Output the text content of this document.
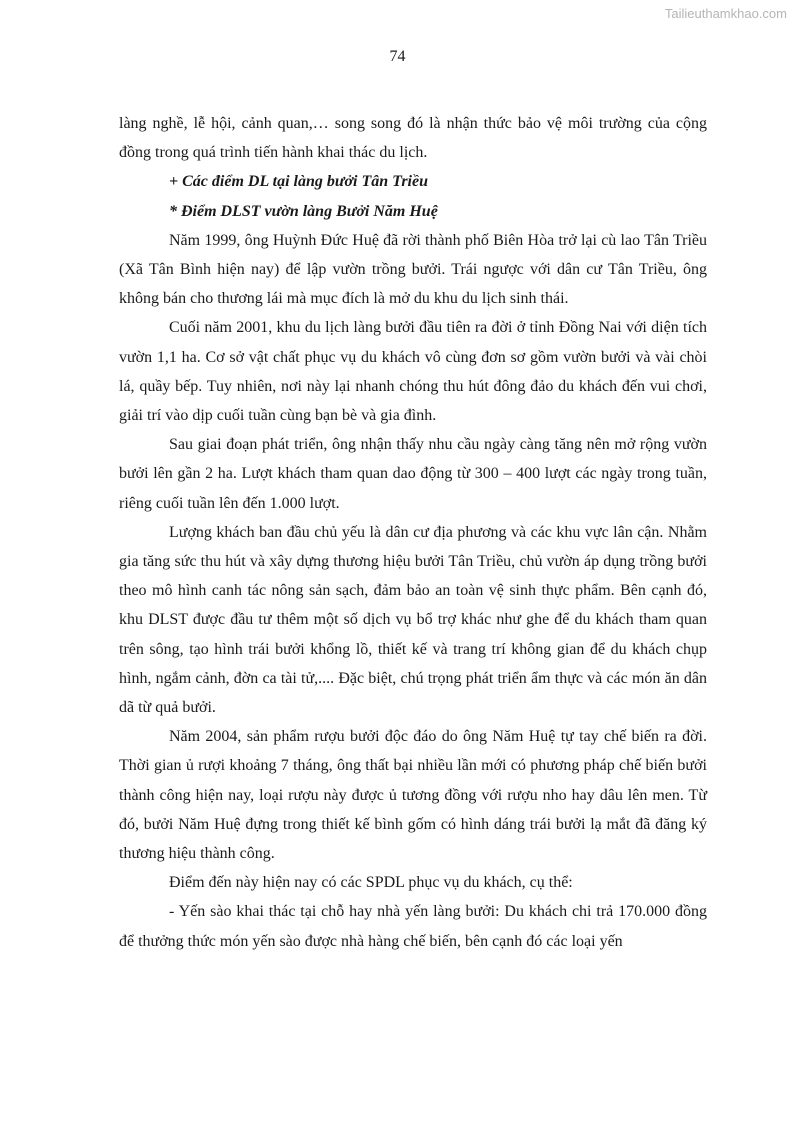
Tailieuthamkhao.com
74

làng nghề, lễ hội, cảnh quan,… song song đó là nhận thức bảo vệ môi trường của cộng đồng trong quá trình tiến hành khai thác du lịch.

+ Các điểm DL tại làng bưởi Tân Triều

* Điểm DLST vườn làng Bưởi Năm Huệ

Năm 1999, ông Huỳnh Đức Huệ đã rời thành phố Biên Hòa trở lại cù lao Tân Triều (Xã Tân Bình hiện nay) để lập vườn trồng bưởi. Trái ngược với dân cư Tân Triều, ông không bán cho thương lái mà mục đích là mở du khu du lịch sinh thái.

Cuối năm 2001, khu du lịch làng bưởi đầu tiên ra đời ở tỉnh Đồng Nai với diện tích vườn 1,1 ha. Cơ sở vật chất phục vụ du khách vô cùng đơn sơ gồm vườn bưởi và vài chòi lá, quầy bếp. Tuy nhiên, nơi này lại nhanh chóng thu hút đông đảo du khách đến vui chơi, giải trí vào dịp cuối tuần cùng bạn bè và gia đình.

Sau giai đoạn phát triển, ông nhận thấy nhu cầu ngày càng tăng nên mở rộng vườn bưởi lên gần 2 ha. Lượt khách tham quan dao động từ 300 – 400 lượt các ngày trong tuần, riêng cuối tuần lên đến 1.000 lượt.

Lượng khách ban đầu chủ yếu là dân cư địa phương và các khu vực lân cận. Nhằm gia tăng sức thu hút và xây dựng thương hiệu bưởi Tân Triều, chủ vườn áp dụng trồng bưởi theo mô hình canh tác nông sản sạch, đảm bảo an toàn vệ sinh thực phẩm. Bên cạnh đó, khu DLST được đầu tư thêm một số dịch vụ bổ trợ khác như ghe để du khách tham quan trên sông, tạo hình trái bưởi khổng lồ, thiết kế và trang trí không gian để du khách chụp hình, ngắm cảnh, đờn ca tài tử,.... Đặc biệt, chú trọng phát triển ẩm thực và các món ăn dân dã từ quả bưởi.

Năm 2004, sản phẩm rượu bưởi độc đáo do ông Năm Huệ tự tay chế biến ra đời. Thời gian ủ rượi khoảng 7 tháng, ông thất bại nhiều lần mới có phương pháp chế biến bưởi thành công hiện nay, loại rượu này được ủ tương đồng với rượu nho hay dâu lên men. Từ đó, bưởi Năm Huệ đựng trong thiết kế bình gốm có hình dáng trái bưởi lạ mắt đã đăng ký thương hiệu thành công.

Điểm đến này hiện nay có các SPDL phục vụ du khách, cụ thể:

- Yến sào khai thác tại chỗ hay nhà yến làng bưởi: Du khách chi trả 170.000 đồng để thưởng thức món yến sào được nhà hàng chế biến, bên cạnh đó các loại yến
